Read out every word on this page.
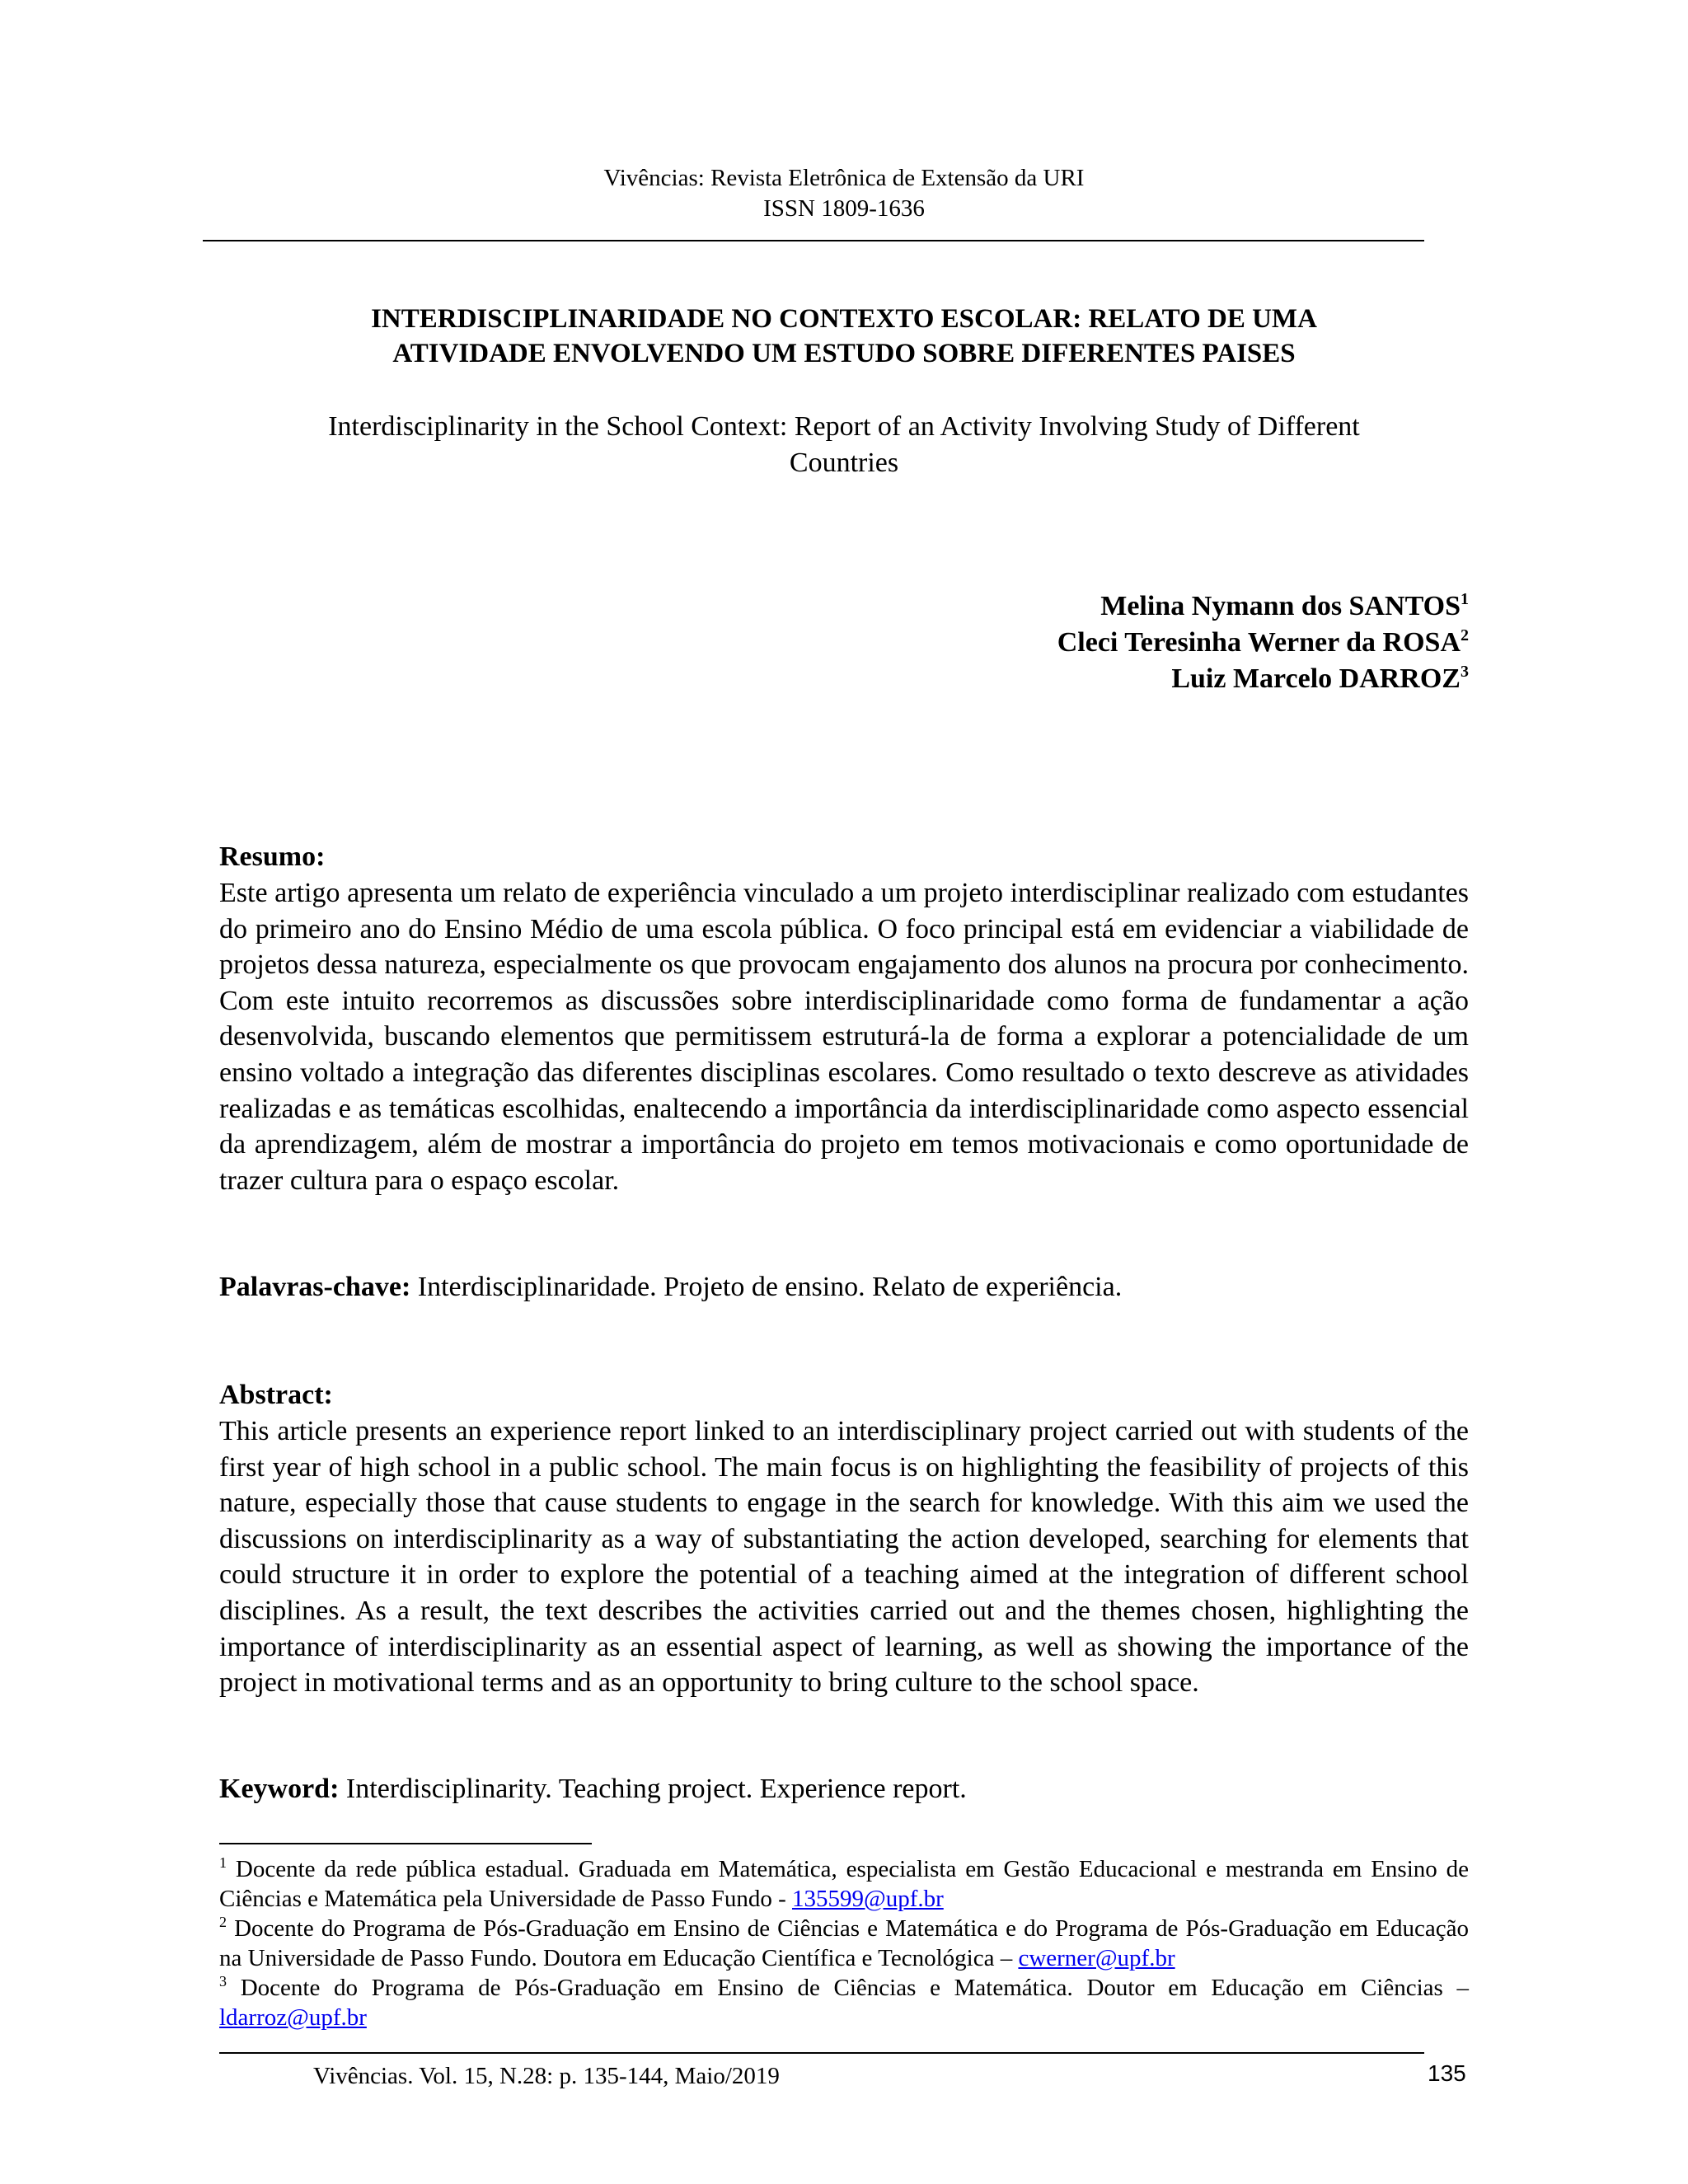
Vivências: Revista Eletrônica de Extensão da URI
ISSN 1809-1636
INTERDISCIPLINARIDADE NO CONTEXTO ESCOLAR: RELATO DE UMA
ATIVIDADE ENVOLVENDO UM ESTUDO SOBRE DIFERENTES PAISES
Interdisciplinarity in the School Context: Report of an Activity Involving Study of Different
Countries
Melina Nymann dos SANTOS$^1$
Cleci Teresinha Werner da ROSA$^2$
Luiz Marcelo DARROZ$^3$
Resumo:
Este artigo apresenta um relato de experiência vinculado a um projeto interdisciplinar realizado com estudantes do primeiro ano do Ensino Médio de uma escola pública. O foco principal está em evidenciar a viabilidade de projetos dessa natureza, especialmente os que provocam engajamento dos alunos na procura por conhecimento. Com este intuito recorremos as discussões sobre interdisciplinaridade como forma de fundamentar a ação desenvolvida, buscando elementos que permitissem estruturá-la de forma a explorar a potencialidade de um ensino voltado a integração das diferentes disciplinas escolares. Como resultado o texto descreve as atividades realizadas e as temáticas escolhidas, enaltecendo a importância da interdisciplinaridade como aspecto essencial da aprendizagem, além de mostrar a importância do projeto em temos motivacionais e como oportunidade de trazer cultura para o espaço escolar.
Palavras-chave: Interdisciplinaridade. Projeto de ensino. Relato de experiência.
Abstract:
This article presents an experience report linked to an interdisciplinary project carried out with students of the first year of high school in a public school. The main focus is on highlighting the feasibility of projects of this nature, especially those that cause students to engage in the search for knowledge. With this aim we used the discussions on interdisciplinarity as a way of substantiating the action developed, searching for elements that could structure it in order to explore the potential of a teaching aimed at the integration of different school disciplines. As a result, the text describes the activities carried out and the themes chosen, highlighting the importance of interdisciplinarity as an essential aspect of learning, as well as showing the importance of the project in motivational terms and as an opportunity to bring culture to the school space.
Keyword: Interdisciplinarity. Teaching project. Experience report.

$^1$ Docente da rede pública estadual. Graduada em Matemática, especialista em Gestão Educacional e mestranda em Ensino de Ciências e Matemática pela Universidade de Passo Fundo - 135599@upf.br

$^2$ Docente do Programa de Pós-Graduação em Ensino de Ciências e Matemática e do Programa de Pós-Graduação em Educação na Universidade de Passo Fundo. Doutora em Educação Científica e Tecnológica – cwerner@upf.br

$^3$ Docente do Programa de Pós-Graduação em Ensino de Ciências e Matemática. Doutor em Educação em Ciências – ldarroz@upf.br

Vivências. Vol. 15, N.28: p. 135-144, Maio/2019	135
